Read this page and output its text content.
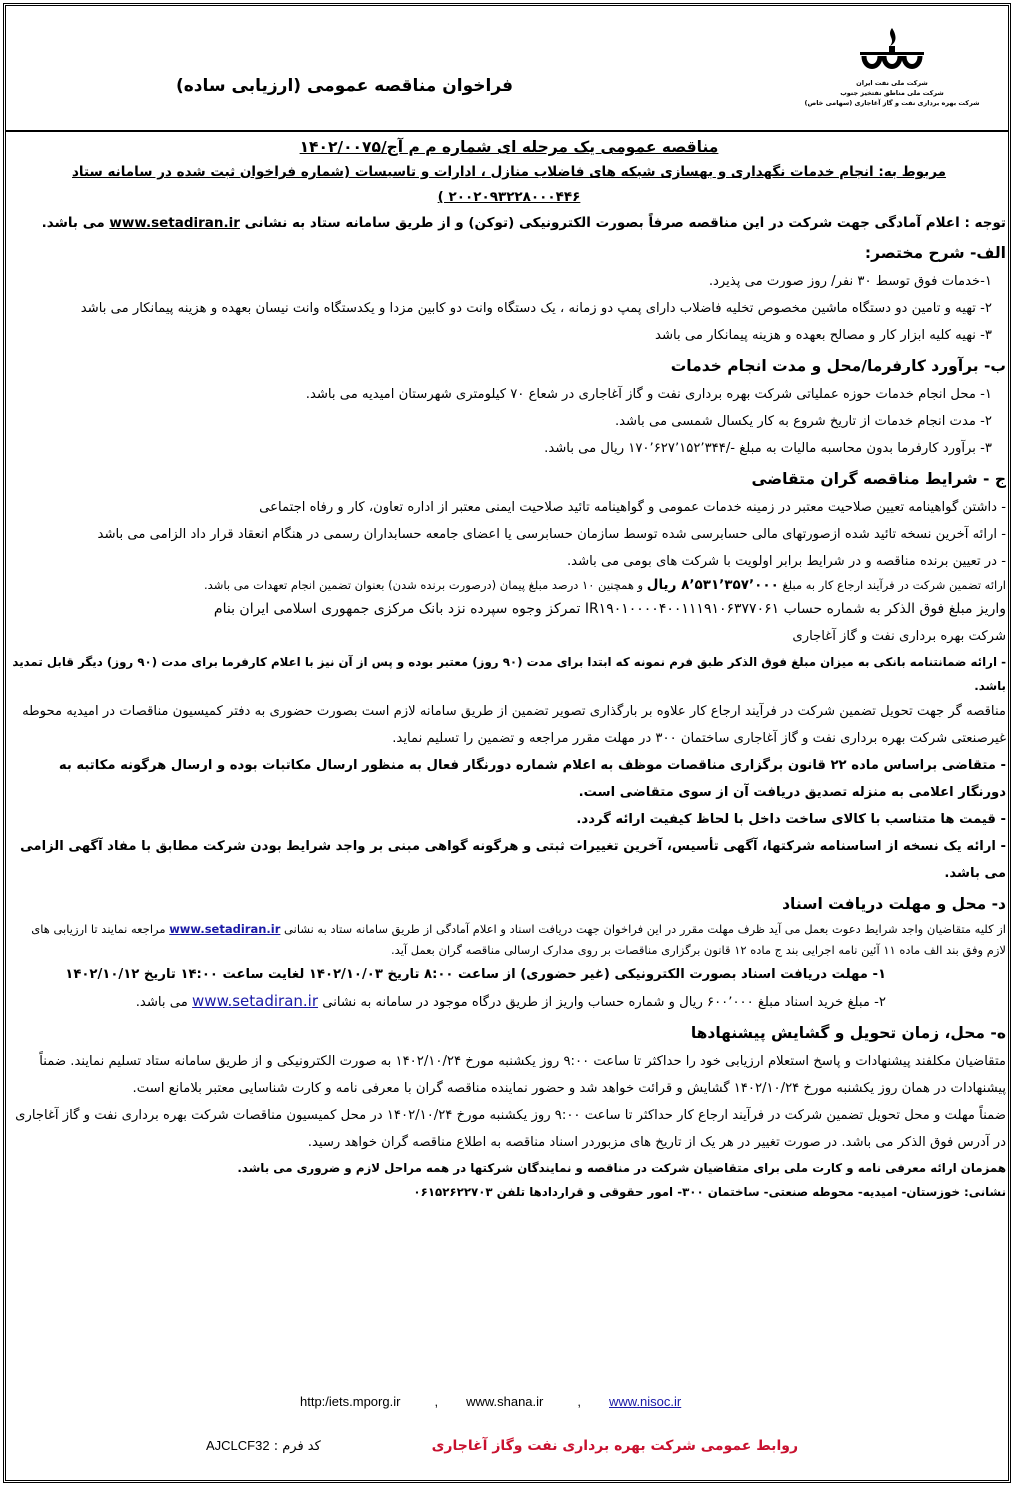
فراخوان مناقصه عمومی (ارزیابی ساده)	شرکت ملی نفت ایران
شرکت ملی مناطق نفتخیز جنوب
شرکت بهره برداری نفت و گاز آغاجاری (سهامی خاص)

مناقصه عمومی یک مرحله ای شماره م م آج/۱۴۰۲/۰۰۷۵

مربوط به: انجام خدمات نگهداری و بهسازی شبکه های فاضلاب منازل ، ادارات و تاسیسات (شماره فراخوان ثبت شده در سامانه ستاد

۲۰۰۲۰۹۳۲۲۸۰۰۰۴۴۶ )

توجه : اعلام آمادگی جهت شرکت در این مناقصه صرفاً بصورت الکترونیکی (توکن) و از طریق سامانه ستاد به نشانی www.setadiran.ir می باشد.

الف- شرح مختصر:

۱-خدمات فوق توسط ۳۰ نفر/ روز صورت می پذیرد.

۲- تهیه و تامین دو دستگاه ماشین مخصوص تخلیه فاضلاب دارای پمپ دو زمانه ، یک دستگاه وانت دو کابین مزدا و یکدستگاه وانت نیسان بعهده و هزینه پیمانکار می باشد

۳- نهیه کلیه ابزار کار و مصالح بعهده و هزینه پیمانکار می باشد

ب- برآورد کارفرما/محل و مدت انجام خدمات

۱- محل انجام خدمات حوزه عملیاتی شرکت بهره برداری نفت و گاز آغاجاری در شعاع ۷۰ کیلومتری شهرستان امیدیه می باشد.

۲- مدت انجام خدمات از تاریخ شروع به کار یکسال شمسی می باشد.

۳- برآورد کارفرما بدون محاسبه مالیات به مبلغ -/۱۷۰٬۶۲۷٬۱۵۲٬۳۴۴ ریال می باشد.

ج - شرایط مناقصه گران متقاضی

- داشتن گواهینامه تعیین صلاحیت معتبر در زمینه خدمات عمومی و گواهینامه تائید صلاحیت ایمنی معتبر از اداره تعاون، کار و رفاه اجتماعی

- ارائه آخرین نسخه تائید شده ازصورتهای مالی حسابرسی شده توسط سازمان حسابرسی یا اعضای جامعه حسابداران رسمی در هنگام انعقاد قرار داد الزامی می باشد

- در تعیین برنده مناقصه و در شرایط برابر اولویت با شرکت های بومی می باشد.

ارائه تضمین شرکت در فرآیند ارجاع کار به مبلغ ۸٬۵۳۱٬۳۵۷٬۰۰۰ ریال و همچنین ۱۰ درصد مبلغ پیمان (درصورت برنده شدن) بعنوان تضمین انجام تعهدات می باشد.

واریز مبلغ فوق الذکر به شماره حساب IR۱۹۰۱۰۰۰۰۴۰۰۱۱۱۹۱۰۶۳۷۷۰۶۱ تمرکز وجوه سپرده نزد بانک مرکزی جمهوری اسلامی ایران بنام

شرکت بهره برداری نفت و گاز آغاجاری

- ارائه ضمانتنامه بانکی به میزان مبلغ فوق الذکر طبق فرم نمونه که ابتدا برای مدت (۹۰ روز) معتبر بوده و پس از آن نیز با اعلام کارفرما برای مدت (۹۰ روز) دیگر قابل تمدید باشد.

مناقصه گر جهت تحویل تضمین شرکت در فرآیند ارجاع کار علاوه بر بارگذاری تصویر تضمین از طریق سامانه لازم است بصورت حضوری به دفتر کمیسیون مناقصات در امیدیه محوطه غیرصنعتی شرکت بهره برداری نفت و گاز آغاجاری ساختمان ۳۰۰ در مهلت مقرر مراجعه و تضمین را تسلیم نماید.

- متقاضی براساس ماده ۲۲ قانون برگزاری مناقصات موظف به اعلام شماره دورنگار فعال به منظور ارسال مکاتبات بوده و ارسال هرگونه مکاتبه به دورنگار اعلامی به منزله تصدیق دریافت آن از سوی متقاضی است.

- قیمت ها متناسب با کالای ساخت داخل با لحاظ کیفیت ارائه گردد.

- ارائه یک نسخه از اساسنامه شرکتها، آگهی تأسیس، آخرین تغییرات ثبتی و هرگونه گواهی مبنی بر واجد شرایط بودن شرکت مطابق با مفاد آگهی الزامی می باشد.

د- محل و مهلت دریافت اسناد

از کلیه متقاضیان واجد شرایط دعوت بعمل می آید ظرف مهلت مقرر در این فراخوان جهت دریافت اسناد و اعلام آمادگی از طریق سامانه ستاد به نشانی www.setadiran.ir مراجعه نمایند تا ارزیابی های لازم وفق بند الف ماده ۱۱ آئین نامه اجرایی بند ج ماده ۱۲ قانون برگزاری مناقصات بر روی مدارک ارسالی مناقصه گران بعمل آید.

۱- مهلت دریافت اسناد بصورت الکترونیکی (غیر حضوری) از ساعت ۸:۰۰ تاریخ ۱۴۰۲/۱۰/۰۳ لغایت ساعت ۱۴:۰۰ تاریخ ۱۴۰۲/۱۰/۱۲

۲- مبلغ خرید اسناد مبلغ ۶۰۰٬۰۰۰ ریال و شماره حساب واریز از طریق درگاه موجود در سامانه به نشانی www.setadiran.ir می باشد.

ه- محل، زمان تحویل و گشایش پیشنهادها

متقاضیان مکلفند پیشنهادات و پاسخ استعلام ارزیابی خود را حداکثر تا ساعت ۹:۰۰ روز یکشنبه مورخ ۱۴۰۲/۱۰/۲۴ به صورت الکترونیکی و از طریق سامانه ستاد تسلیم نمایند. ضمناً پیشنهادات در همان روز یکشنبه مورخ ۱۴۰۲/۱۰/۲۴ گشایش و قرائت خواهد شد و حضور نماینده مناقصه گران با معرفی نامه و کارت شناسایی معتبر بلامانع است.

ضمناً مهلت و محل تحویل تضمین شرکت در فرآیند ارجاع کار حداکثر تا ساعت ۹:۰۰ روز یکشنبه مورخ ۱۴۰۲/۱۰/۲۴ در محل کمیسیون مناقصات شرکت بهره برداری نفت و گاز آغاجاری در آدرس فوق الذکر می باشد. در صورت تغییر در هر یک از تاریخ های مزبوردر اسناد مناقصه به اطلاع مناقصه گران خواهد رسید.

همزمان ارائه معرفی نامه و کارت ملی برای متقاضیان شرکت در مناقصه و نمایندگان شرکتها در همه مراحل لازم و ضروری می باشد.

نشانی: خوزستان- امیدیه- محوطه صنعتی- ساختمان ۳۰۰- امور حقوقی و قراردادها تلفن ۰۶۱۵۲۶۲۲۷۰۳

http:/iets.mporg.ir	, www.shana.ir	, www.nisoc.ir
کد فرم : AJCLCF32	روابط عمومی شرکت بهره برداری نفت وگاز آغاجاری
